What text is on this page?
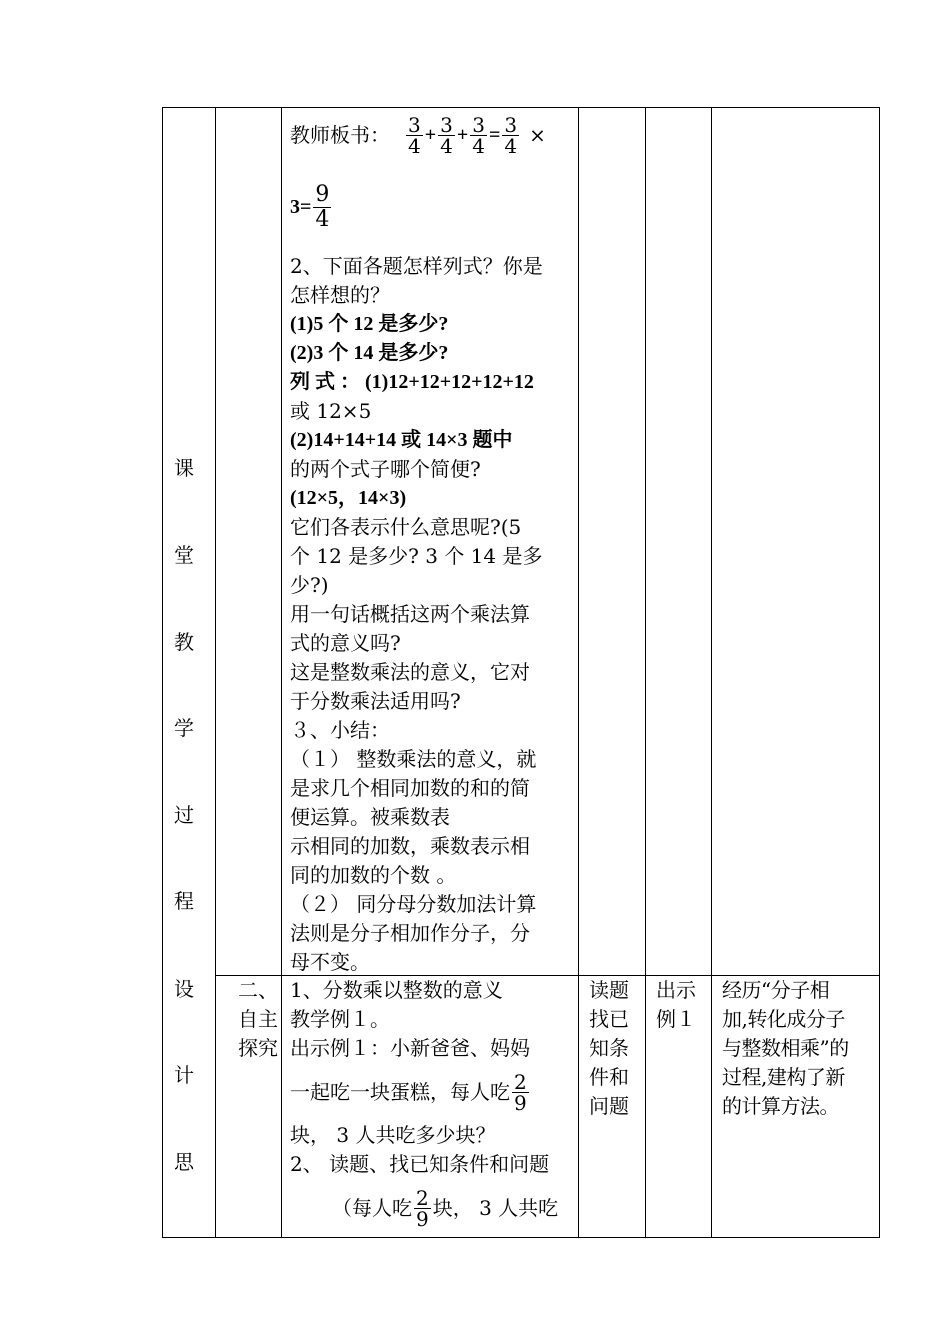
课
堂
教
学
过
程
设
计
思
教师板书： $\frac{3}{4} + \frac{3}{4} + \frac{3}{4} = \frac{3}{4}$ ×
$3= \frac{9}{4}$
2、下面各题怎样列式？你是
怎样想的？
(1)5 个 12 是多少?
(2)3 个 14 是多少?
列 式 ： (1)12+12+12+12+12
或 12×5
(2)14+14+14 或 14×3 题中
的两个式子哪个简便?
(12×5，14×3)
它们各表示什么意思呢?(5
个 12 是多少? 3 个 14 是多
少?)
用一句话概括这两个乘法算
式的意义吗?
这是整数乘法的意义，它对
于分数乘法适用吗?
３、小结：
（１） 整数乘法的意义，就
是求几个相同加数的和的简
便运算。被乘数表
示相同的加数，乘数表示相
同的加数的个数 。
（２） 同分母分数加法计算
法则是分子相加作分子，分
母不变。
二、
自主
探究
1、分数乘以整数的意义
教学例１。
出示例１：小新爸爸、妈妈
一起吃一块蛋糕，每人吃 $\frac{2}{9}$
块， 3 人共吃多少块？
2、 读题、找已知条件和问题
（每人吃 $\frac{2}{9}$ 块， 3 人共吃
读题
找已
知条
件和
问题
出示
例１
经历“分子相
加,转化成分子
与整数相乘”的
过程,建构了新
的计算方法。
